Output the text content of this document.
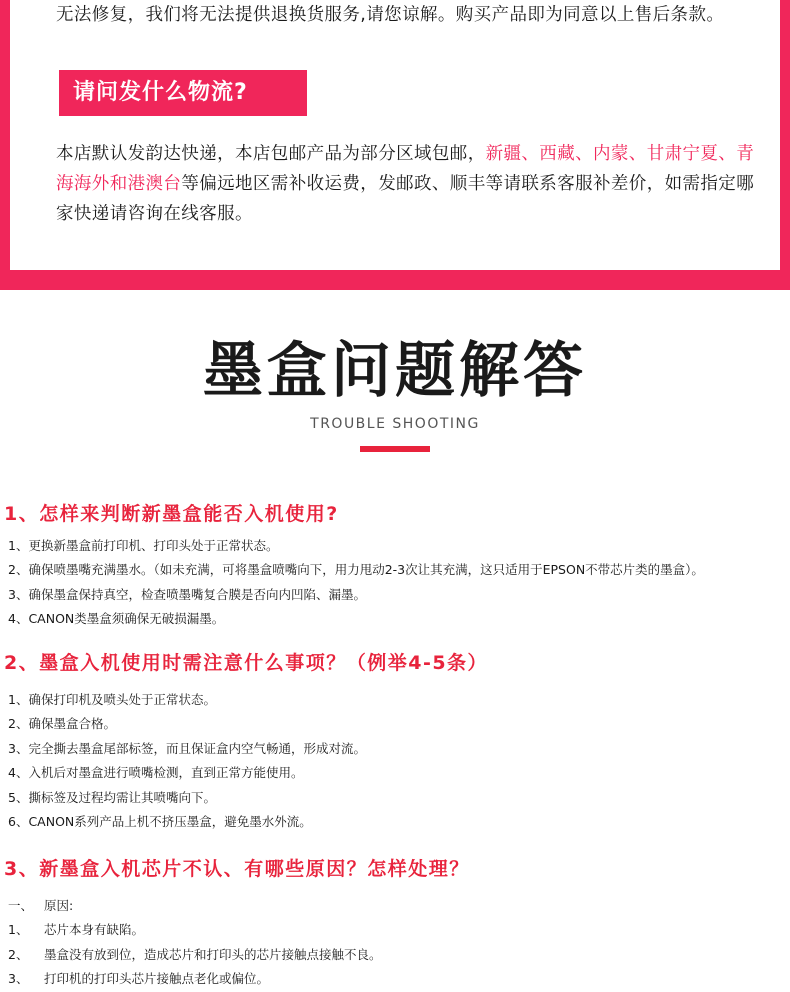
无法修复，我们将无法提供退换货服务,请您谅解。购买产品即为同意以上售后条款。
请问发什么物流?
本店默认发韵达快递，本店包邮产品为部分区域包邮，新疆、西藏、内蒙、甘肃宁夏、青海海外和港澳台等偏远地区需补收运费，发邮政、顺丰等请联系客服补差价，如需指定哪家快递请咨询在线客服。
墨盒问题解答
TROUBLE SHOOTING
1、怎样来判断新墨盒能否入机使用?
1、更换新墨盒前打印机、打印头处于正常状态。
2、确保喷墨嘴充满墨水。（如未充满，可将墨盒喷嘴向下，用力甩动2-3次让其充满，这只适用于EPSON不带芯片类的墨盒）。
3、确保墨盒保持真空，检查喷墨嘴复合膜是否向内凹陷、漏墨。
4、CANON类墨盒须确保无破损漏墨。
2、墨盒入机使用时需注意什么事项？（例举4-5条）
1、确保打印机及喷头处于正常状态。
2、确保墨盒合格。
3、完全撕去墨盒尾部标签，而且保证盒内空气畅通，形成对流。
4、入机后对墨盒进行喷嘴检测，直到正常方能使用。
5、撕标签及过程均需让其喷嘴向下。
6、CANON系列产品上机不挤压墨盒，避免墨水外流。
3、新墨盒入机芯片不认、有哪些原因？怎样处理？
一、 原因:
1、 芯片本身有缺陷。
2、 墨盒没有放到位，造成芯片和打印头的芯片接触点接触不良。
3、 打印机的打印头芯片接触点老化或偏位。
